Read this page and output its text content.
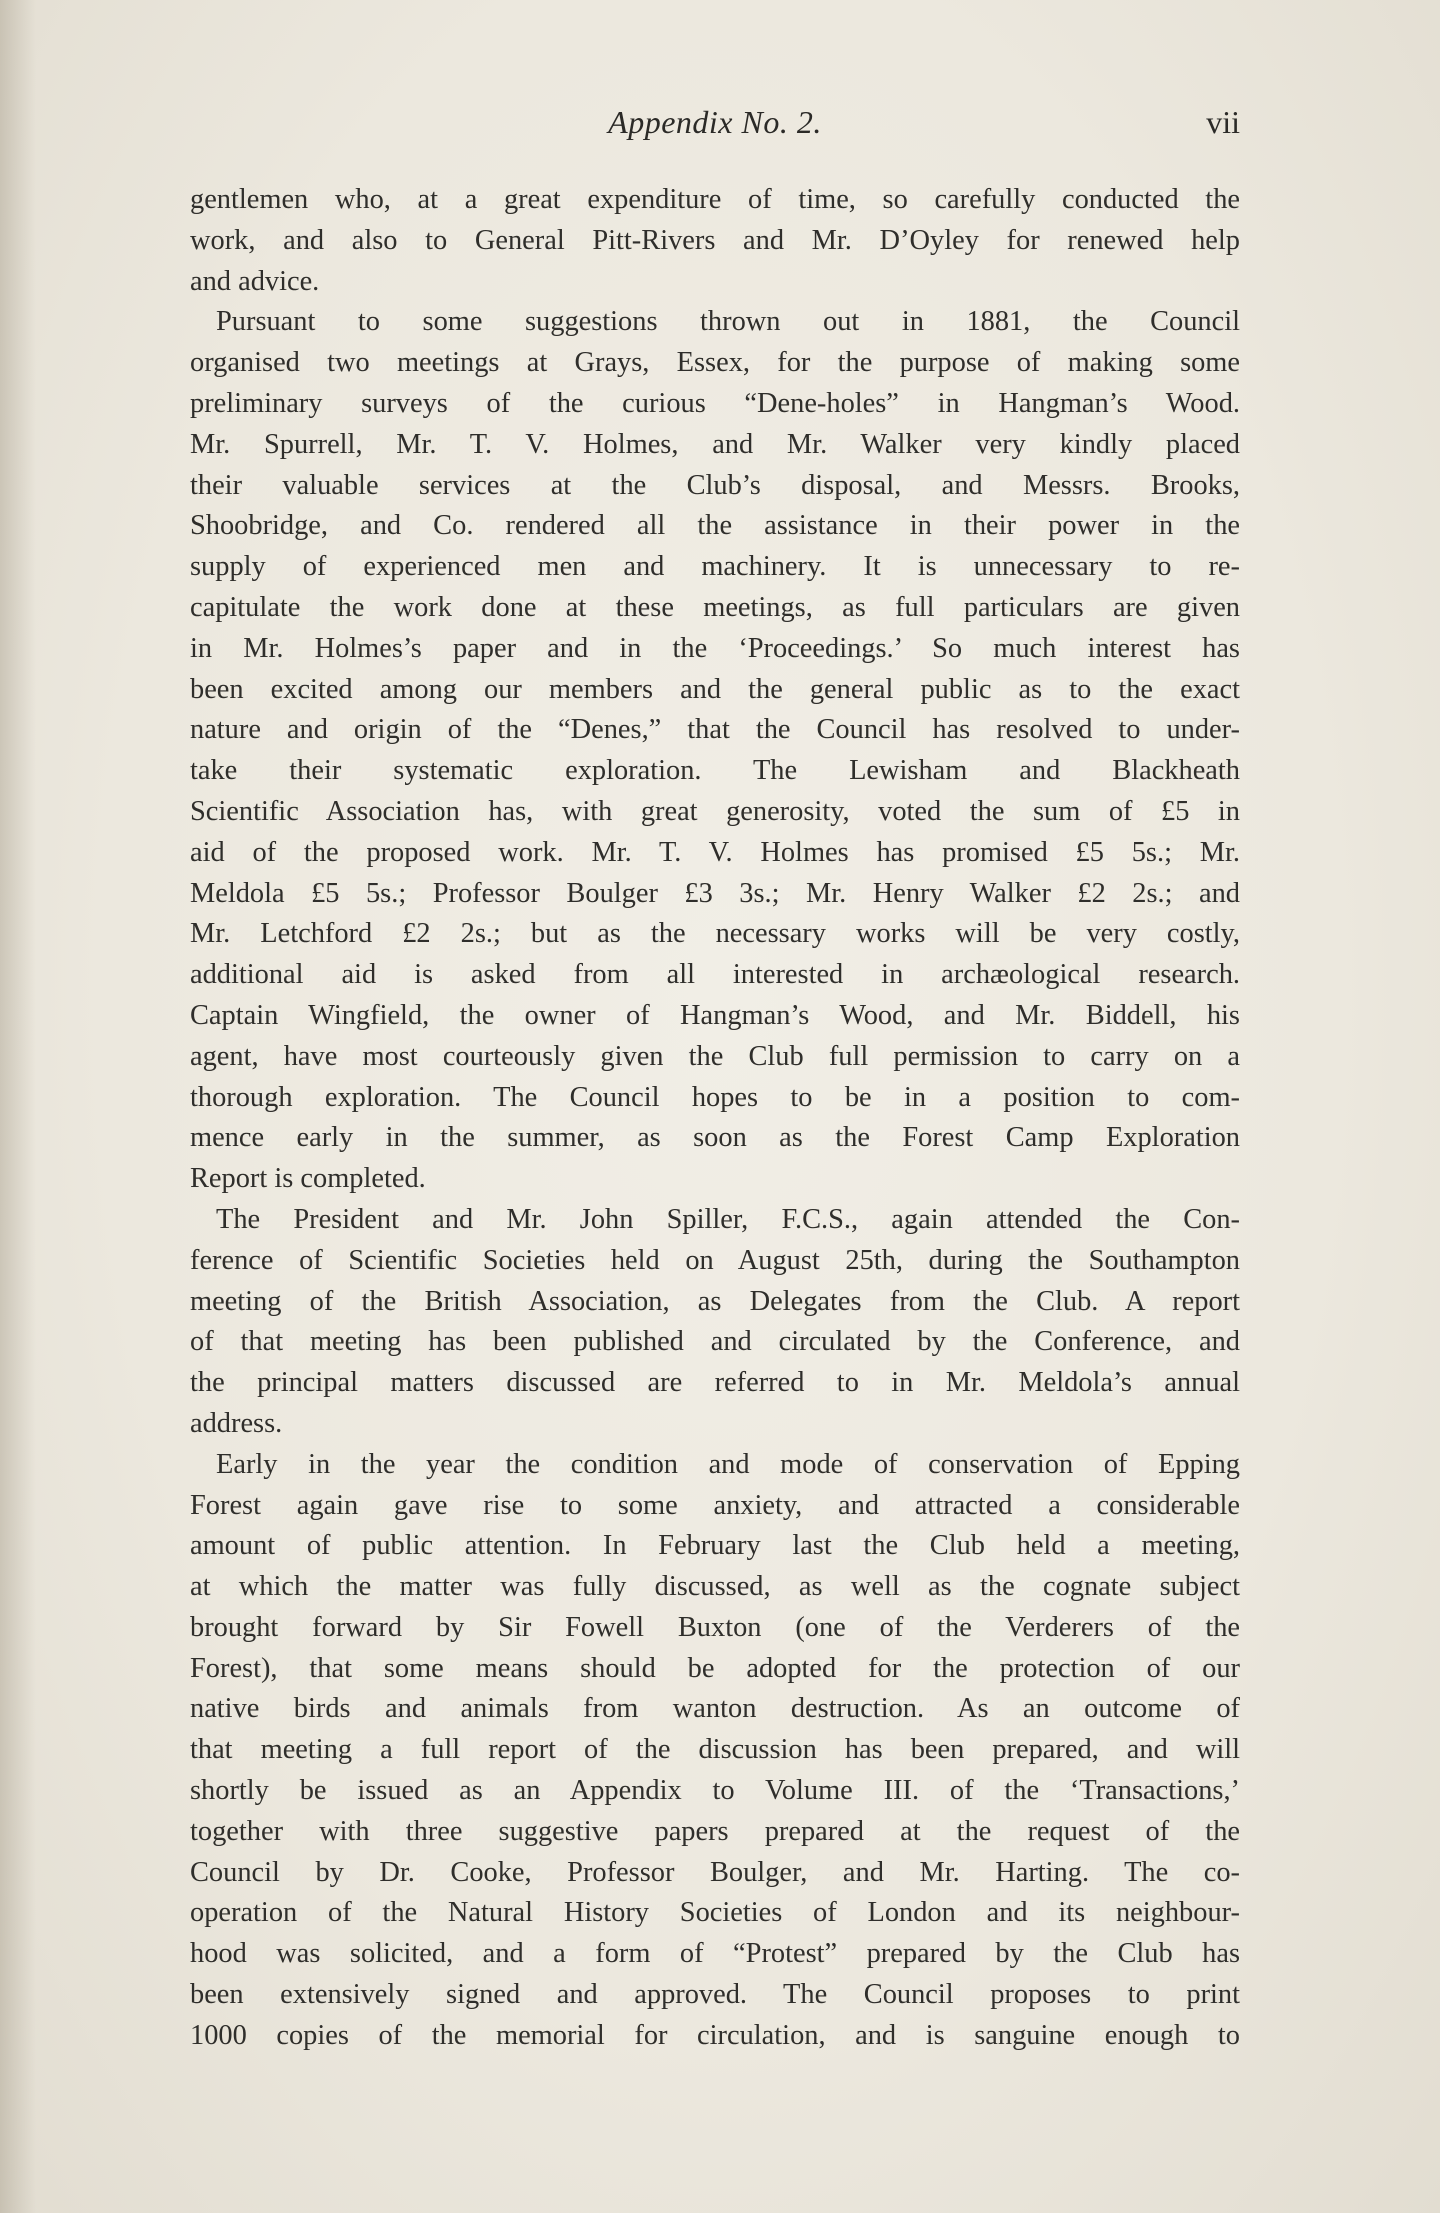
Appendix No. 2.	vii
gentlemen who, at a great expenditure of time, so carefully conducted the
work, and also to General Pitt-Rivers and Mr. D’Oyley for renewed help
and advice.
Pursuant to some suggestions thrown out in 1881, the Council
organised two meetings at Grays, Essex, for the purpose of making some
preliminary surveys of the curious “Dene-holes” in Hangman’s Wood.
Mr. Spurrell, Mr. T. V. Holmes, and Mr. Walker very kindly placed
their valuable services at the Club’s disposal, and Messrs. Brooks,
Shoobridge, and Co. rendered all the assistance in their power in the
supply of experienced men and machinery. It is unnecessary to re-
capitulate the work done at these meetings, as full particulars are given
in Mr. Holmes’s paper and in the ‘Proceedings.’ So much interest has
been excited among our members and the general public as to the exact
nature and origin of the “Denes,” that the Council has resolved to under-
take their systematic exploration. The Lewisham and Blackheath
Scientific Association has, with great generosity, voted the sum of £5 in
aid of the proposed work. Mr. T. V. Holmes has promised £5 5s.; Mr.
Meldola £5 5s.; Professor Boulger £3 3s.; Mr. Henry Walker £2 2s.; and
Mr. Letchford £2 2s.; but as the necessary works will be very costly,
additional aid is asked from all interested in archæological research.
Captain Wingfield, the owner of Hangman’s Wood, and Mr. Biddell, his
agent, have most courteously given the Club full permission to carry on a
thorough exploration. The Council hopes to be in a position to com-
mence early in the summer, as soon as the Forest Camp Exploration
Report is completed.
The President and Mr. John Spiller, F.C.S., again attended the Con-
ference of Scientific Societies held on August 25th, during the Southampton
meeting of the British Association, as Delegates from the Club. A report
of that meeting has been published and circulated by the Conference, and
the principal matters discussed are referred to in Mr. Meldola’s annual
address.
Early in the year the condition and mode of conservation of Epping
Forest again gave rise to some anxiety, and attracted a considerable
amount of public attention. In February last the Club held a meeting,
at which the matter was fully discussed, as well as the cognate subject
brought forward by Sir Fowell Buxton (one of the Verderers of the
Forest), that some means should be adopted for the protection of our
native birds and animals from wanton destruction. As an outcome of
that meeting a full report of the discussion has been prepared, and will
shortly be issued as an Appendix to Volume III. of the ‘Transactions,’
together with three suggestive papers prepared at the request of the
Council by Dr. Cooke, Professor Boulger, and Mr. Harting. The co-
operation of the Natural History Societies of London and its neighbour-
hood was solicited, and a form of “Protest” prepared by the Club has
been extensively signed and approved. The Council proposes to print
1000 copies of the memorial for circulation, and is sanguine enough to
